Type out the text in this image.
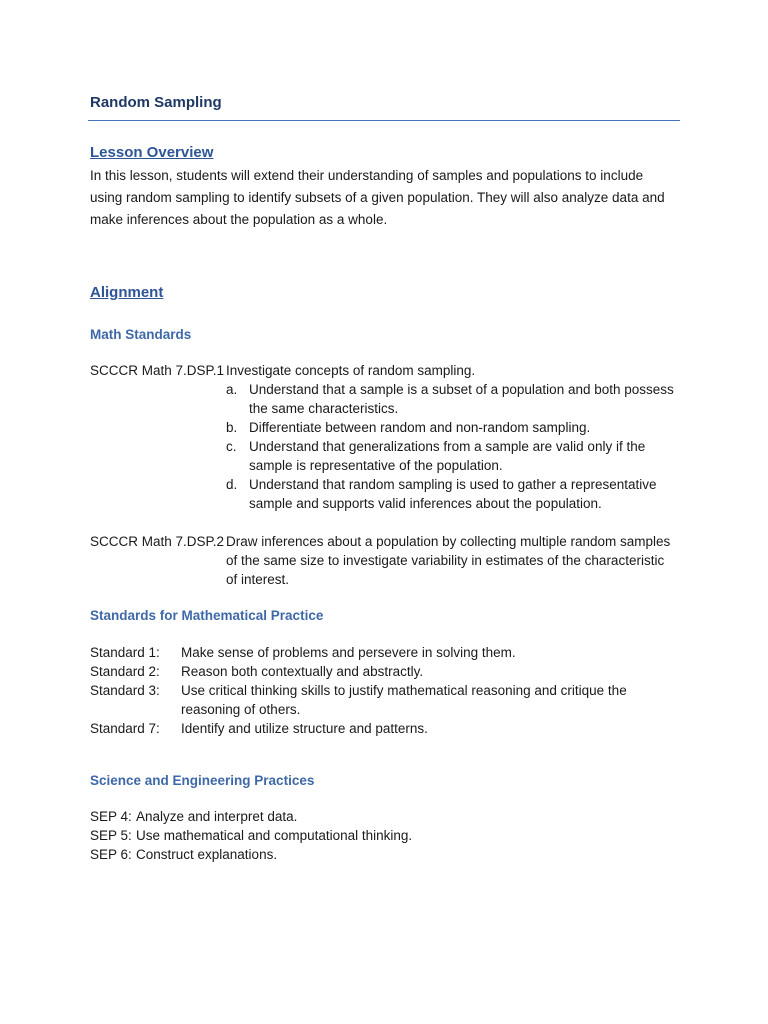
Random Sampling
Lesson Overview
In this lesson, students will extend their understanding of samples and populations to include using random sampling to identify subsets of a given population. They will also analyze data and make inferences about the population as a whole.
Alignment
Math Standards
SCCCR Math 7.DSP.1 Investigate concepts of random sampling.
a. Understand that a sample is a subset of a population and both possess the same characteristics.
b. Differentiate between random and non-random sampling.
c. Understand that generalizations from a sample are valid only if the sample is representative of the population.
d. Understand that random sampling is used to gather a representative sample and supports valid inferences about the population.
SCCCR Math 7.DSP.2 Draw inferences about a population by collecting multiple random samples of the same size to investigate variability in estimates of the characteristic of interest.
Standards for Mathematical Practice
Standard 1: Make sense of problems and persevere in solving them.
Standard 2: Reason both contextually and abstractly.
Standard 3: Use critical thinking skills to justify mathematical reasoning and critique the reasoning of others.
Standard 7: Identify and utilize structure and patterns.
Science and Engineering Practices
SEP 4: Analyze and interpret data.
SEP 5: Use mathematical and computational thinking.
SEP 6: Construct explanations.
